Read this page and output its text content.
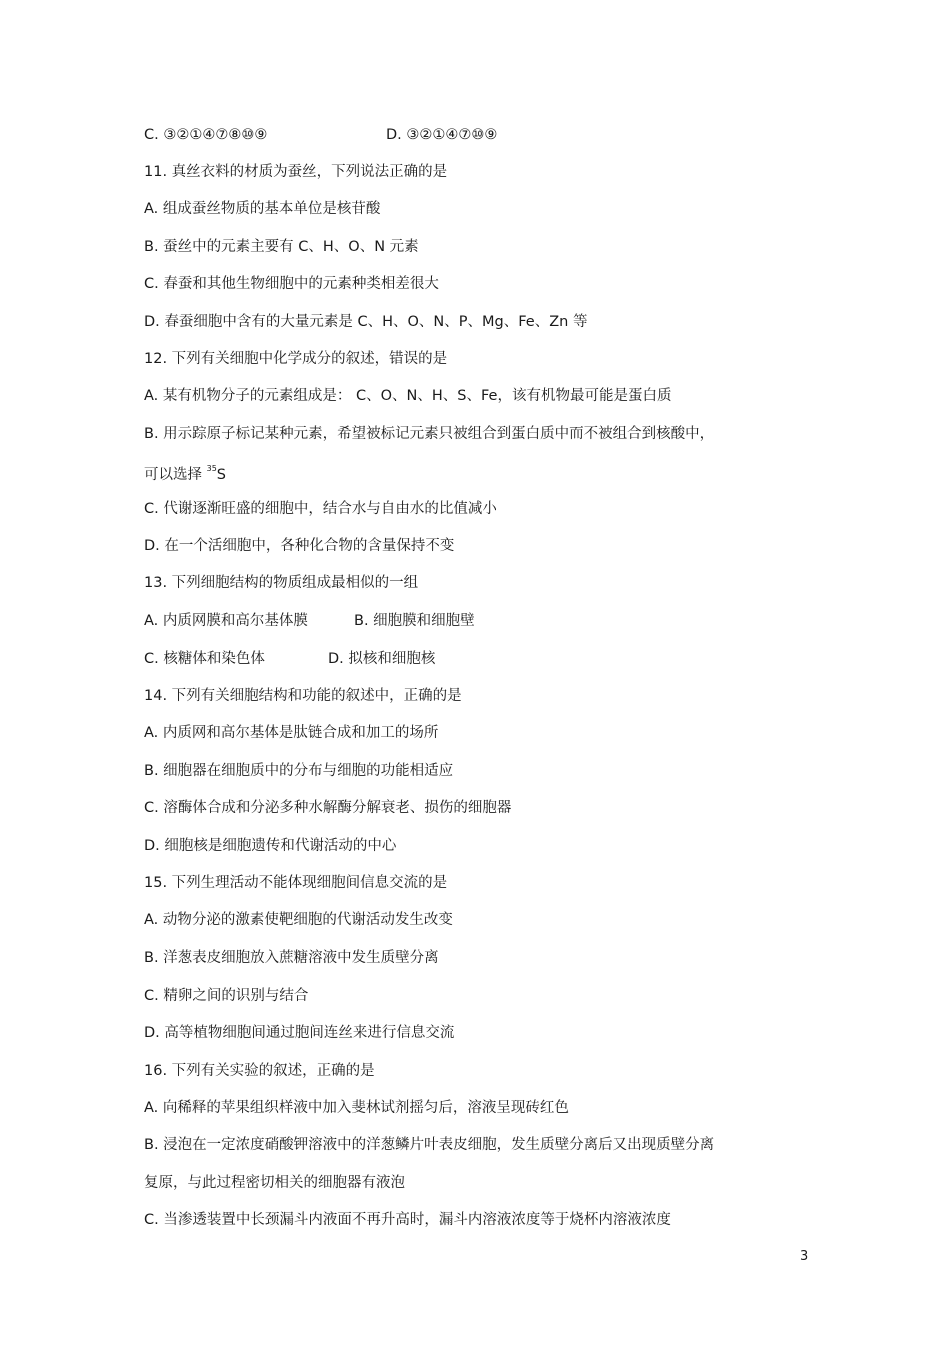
C. ③②①④⑦⑧⑩⑨	D. ③②①④⑦⑩⑨
11. 真丝衣料的材质为蚕丝，下列说法正确的是
A. 组成蚕丝物质的基本单位是核苷酸
B. 蚕丝中的元素主要有 C、H、O、N 元素
C. 春蚕和其他生物细胞中的元素种类相差很大
D. 春蚕细胞中含有的大量元素是 C、H、O、N、P、Mg、Fe、Zn 等
12. 下列有关细胞中化学成分的叙述，错误的是
A. 某有机物分子的元素组成是： C、O、N、H、S、Fe，该有机物最可能是蛋白质
B. 用示踪原子标记某种元素，希望被标记元素只被组合到蛋白质中而不被组合到核酸中，
可以选择 $^{35}$S
C. 代谢逐渐旺盛的细胞中，结合水与自由水的比值减小
D. 在一个活细胞中，各种化合物的含量保持不变
13. 下列细胞结构的物质组成最相似的一组
A. 内质网膜和高尔基体膜	B. 细胞膜和细胞壁
C. 核糖体和染色体	D. 拟核和细胞核
14. 下列有关细胞结构和功能的叙述中，正确的是
A. 内质网和高尔基体是肽链合成和加工的场所
B. 细胞器在细胞质中的分布与细胞的功能相适应
C. 溶酶体合成和分泌多种水解酶分解衰老、损伤的细胞器
D. 细胞核是细胞遗传和代谢活动的中心
15. 下列生理活动不能体现细胞间信息交流的是
A. 动物分泌的激素使靶细胞的代谢活动发生改变
B. 洋葱表皮细胞放入蔗糖溶液中发生质壁分离
C. 精卵之间的识别与结合
D. 高等植物细胞间通过胞间连丝来进行信息交流
16. 下列有关实验的叙述，正确的是
A. 向稀释的苹果组织样液中加入斐林试剂摇匀后，溶液呈现砖红色
B. 浸泡在一定浓度硝酸钾溶液中的洋葱鳞片叶表皮细胞，发生质壁分离后又出现质壁分离
复原，与此过程密切相关的细胞器有液泡
C. 当渗透装置中长颈漏斗内液面不再升高时，漏斗内溶液浓度等于烧杯内溶液浓度
3
